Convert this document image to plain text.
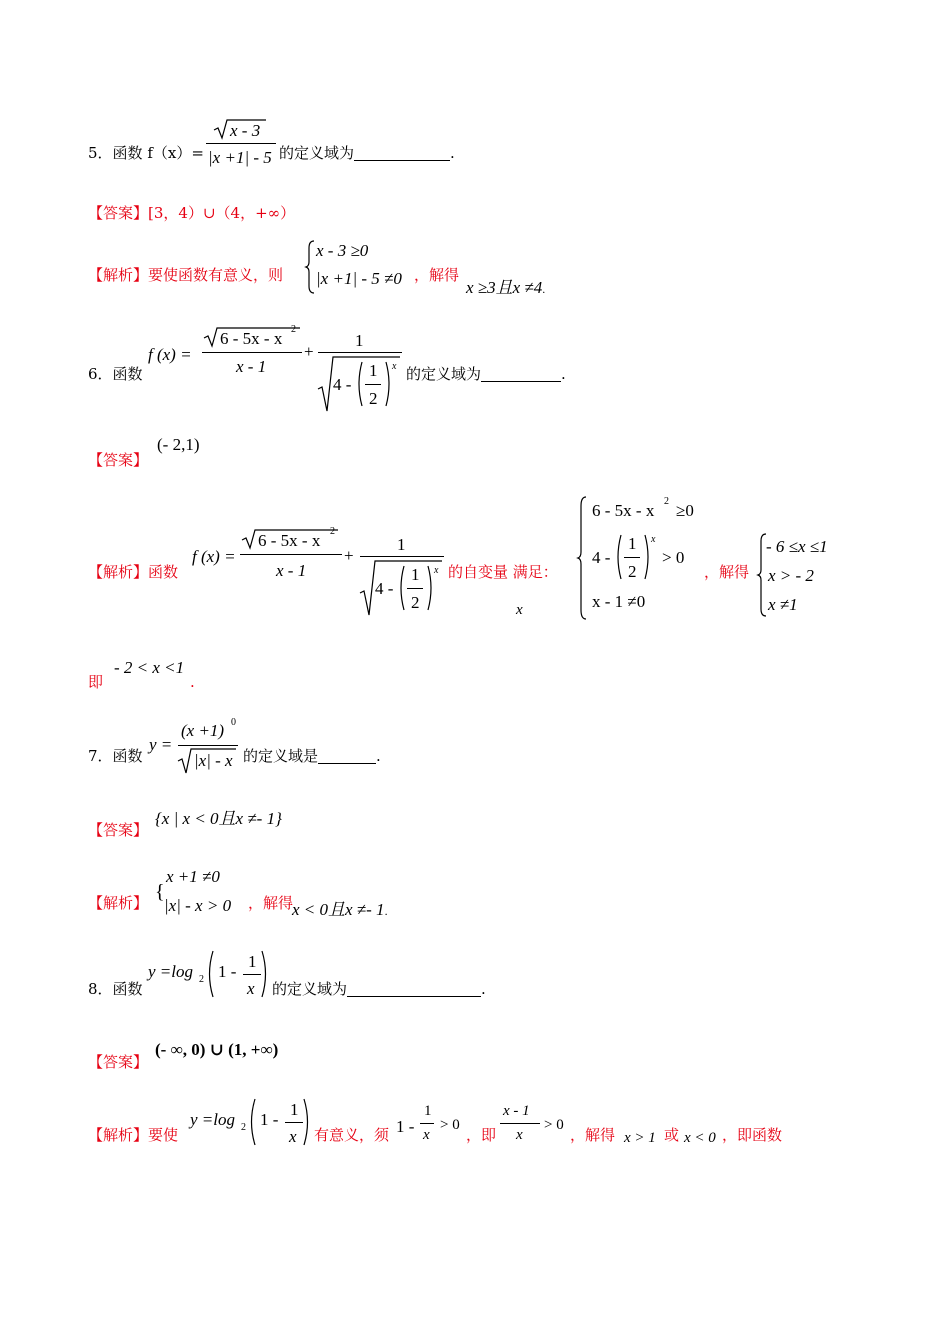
5．函数 f（x）=
x - 3
|x +1| - 5 的定义域为	.
【答案】[3，4）∪（4，+∞）
【解析】要使函数有意义，则
x - 3 ≥0
|x +1| - 5 ≠0 ，解得
x ≥3且x ≠4.
6．函数
f (x) =
6 - 5x - x 2
x - 1
+
1
4 -
1
2
x 的定义域为	.
【答案】
(- 2,1)
【解析】函数
f (x) =
6 - 5x - x 2
x - 1
+
1
4 -
1
2
x 的自变量 满足：
x
6 - 5x - x 2 ≥0
4 -
1
2
x
> 0
x - 1 ≠0
，解得
- 6 ≤x ≤1
x > - 2
x ≠1
即
- 2 < x <1
.
7．函数
y =
(x +1) 0
|x| - x 的定义域是	.
【答案】
{x | x < 0且x ≠- 1}
【解析】 {
x +1 ≠0
|x| - x > 0 ，解得
x < 0且x ≠- 1.
8．函数
y =log 2 1 -
1
x 的定义域为	.
【答案】
(- ∞, 0) ∪ (1, +∞)
【解析】要使
y =log 2 1 -
1
x 有意义，须 1 -
1
x
> 0
，即
x - 1
x
> 0
，解得 x > 1 或 x < 0 ，即函数
